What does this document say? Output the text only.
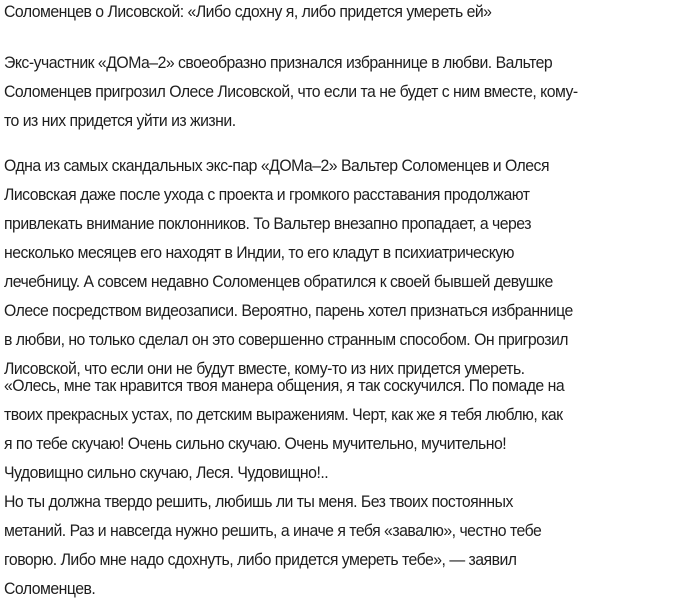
Соломенцев о Лисовской: «Либо сдохну я, либо придется умереть ей»

Экс-участник «ДОМа–2» своеобразно признался избраннице в любви. Вальтер
Соломенцев пригрозил Олесе Лисовской, что если та не будет с ним вместе, кому-
то из них придется уйти из жизни.

Одна из самых скандальных экс-пар «ДОМа–2» Вальтер Соломенцев и Олеся
Лисовская даже после ухода с проекта и громкого расставания продолжают
привлекать внимание поклонников. То Вальтер внезапно пропадает, а через
несколько месяцев его находят в Индии, то его кладут в психиатрическую
лечебницу. А совсем недавно Соломенцев обратился к своей бывшей девушке
Олесе посредством видеозаписи. Вероятно, парень хотел признаться избраннице
в любви, но только сделал он это совершенно странным способом. Он пригрозил
Лисовской, что если они не будут вместе, кому-то из них придется умереть.

«Олесь, мне так нравится твоя манера общения, я так соскучился. По помаде на
твоих прекрасных устах, по детским выражениям. Черт, как же я тебя люблю, как
я по тебе скучаю! Очень сильно скучаю. Очень мучительно, мучительно!
Чудовищно сильно скучаю, Леся. Чудовищно!..
Но ты должна твердо решить, любишь ли ты меня. Без твоих постоянных
метаний. Раз и навсегда нужно решить, а иначе я тебя «завалю», честно тебе
говорю. Либо мне надо сдохнуть, либо придется умереть тебе», — заявил
Соломенцев.
